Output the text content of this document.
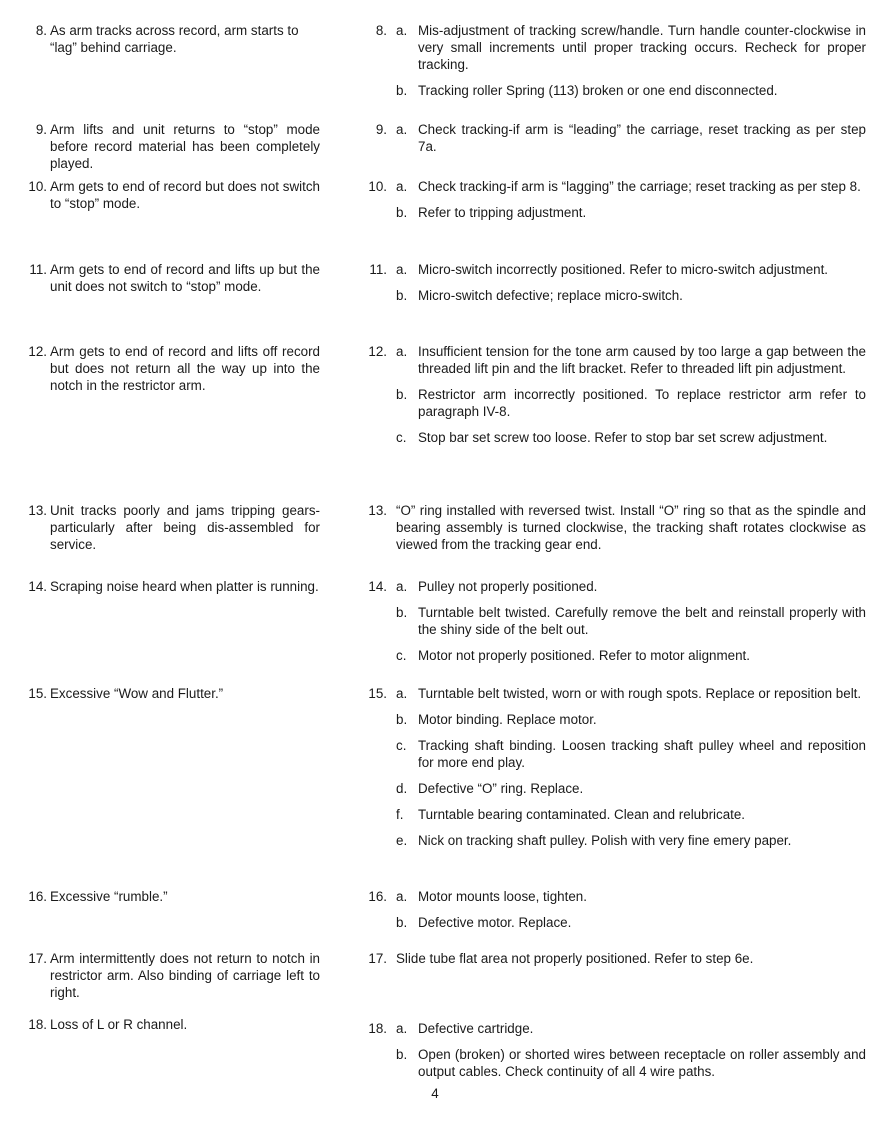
8. As arm tracks across record, arm starts to “lag” behind carriage.
8. a. Mis-adjustment of tracking screw/handle. Turn handle counter-clockwise in very small increments until proper tracking occurs. Recheck for proper tracking.
b. Tracking roller Spring (113) broken or one end disconnected.
9. Arm lifts and unit returns to “stop” mode before record material has been completely played.
9. a. Check tracking-if arm is “leading” the carriage, reset tracking as per step 7a.
10. Arm gets to end of record but does not switch to “stop” mode.
10. a. Check tracking-if arm is “lagging” the carriage; reset tracking as per step 8.
b. Refer to tripping adjustment.
11. Arm gets to end of record and lifts up but the unit does not switch to “stop” mode.
11. a. Micro-switch incorrectly positioned. Refer to micro-switch adjustment.
b. Micro-switch defective; replace micro-switch.
12. Arm gets to end of record and lifts off record but does not return all the way up into the notch in the restrictor arm.
12. a. Insufficient tension for the tone arm caused by too large a gap between the threaded lift pin and the lift bracket. Refer to threaded lift pin adjustment.
b. Restrictor arm incorrectly positioned. To replace restrictor arm refer to paragraph IV-8.
c. Stop bar set screw too loose. Refer to stop bar set screw adjustment.
13. Unit tracks poorly and jams tripping gears-particularly after being dis-assembled for service.
13. “O” ring installed with reversed twist. Install “O” ring so that as the spindle and bearing assembly is turned clockwise, the tracking shaft rotates clockwise as viewed from the tracking gear end.
14. Scraping noise heard when platter is running.	14. a. Pulley not properly positioned.
b. Turntable belt twisted. Carefully remove the belt and reinstall properly with the shiny side of the belt out.
c. Motor not properly positioned. Refer to motor alignment.
15. Excessive “Wow and Flutter.”	15. a. Turntable belt twisted, worn or with rough spots. Replace or reposition belt.
b. Motor binding. Replace motor.
c. Tracking shaft binding. Loosen tracking shaft pulley wheel and reposition for more end play.
d. Defective “O” ring. Replace.
f. Turntable bearing contaminated. Clean and relubricate.
e. Nick on tracking shaft pulley. Polish with very fine emery paper.
16. Excessive “rumble.”	16. a. Motor mounts loose, tighten.
b. Defective motor. Replace.
17. Arm intermittently does not return to notch in restrictor arm. Also binding of carriage left to right.
17. Slide tube flat area not properly positioned. Refer to step 6e.
18. Loss of L or R channel.	18. a. Defective cartridge.
b. Open (broken) or shorted wires between receptacle on roller assembly and output cables. Check continuity of all 4 wire paths.
4
